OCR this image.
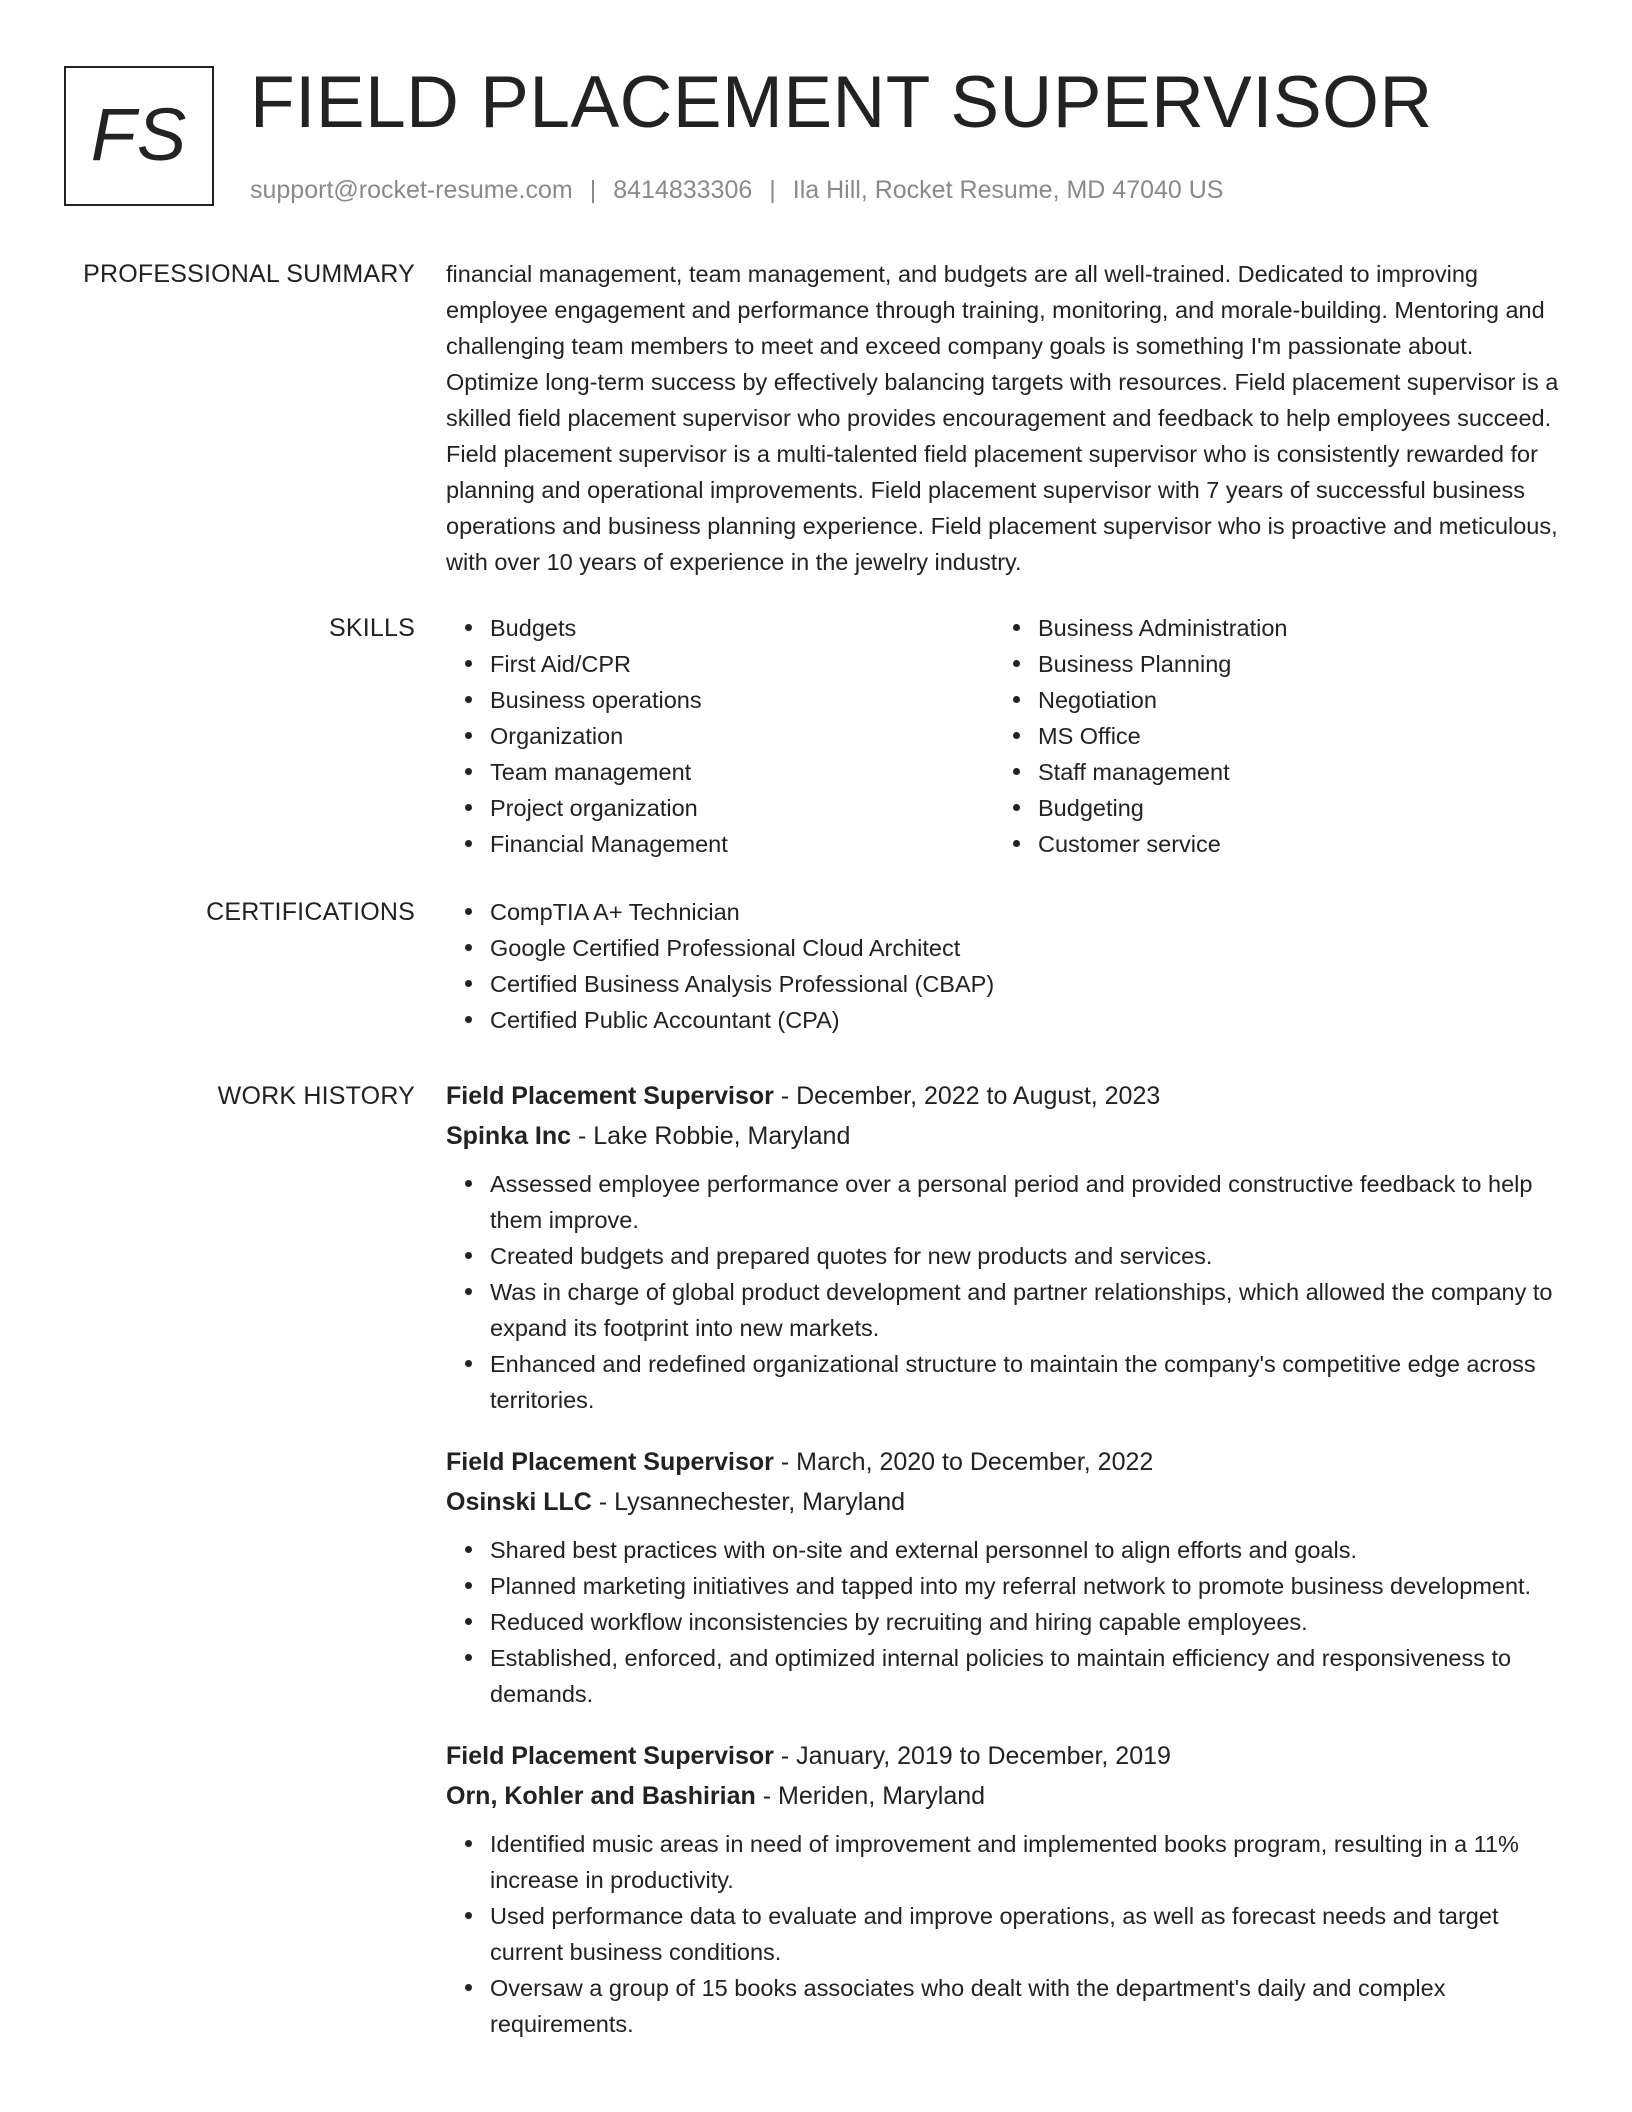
FS FIELD PLACEMENT SUPERVISOR
support@rocket-resume.com | 8414833306 | Ila Hill, Rocket Resume, MD 47040 US
PROFESSIONAL SUMMARY financial management, team management, and budgets are all well-trained. Dedicated to improving employee engagement and performance through training, monitoring, and morale-building. Mentoring and challenging team members to meet and exceed company goals is something I'm passionate about. Optimize long-term success by effectively balancing targets with resources. Field placement supervisor is a skilled field placement supervisor who provides encouragement and feedback to help employees succeed. Field placement supervisor is a multi-talented field placement supervisor who is consistently rewarded for planning and operational improvements. Field placement supervisor with 7 years of successful business operations and business planning experience. Field placement supervisor who is proactive and meticulous, with over 10 years of experience in the jewelry industry.

SKILLS	Budgets
First Aid/CPR
Business operations
Organization
Team management
Project organization
Financial Management
Business Administration
Business Planning
Negotiation
MS Office
Staff management
Budgeting
Customer service
CERTIFICATIONS	CompTIA A+ Technician
Google Certified Professional Cloud Architect
Certified Business Analysis Professional (CBAP)
Certified Public Accountant (CPA)
WORK HISTORY Field Placement Supervisor - December, 2022 to August, 2023
Spinka Inc - Lake Robbie, Maryland
Assessed employee performance over a personal period and provided constructive feedback to help them improve.
Created budgets and prepared quotes for new products and services.
Was in charge of global product development and partner relationships, which allowed the company to expand its footprint into new markets.
Enhanced and redefined organizational structure to maintain the company's competitive edge across territories.
Field Placement Supervisor - March, 2020 to December, 2022
Osinski LLC - Lysannechester, Maryland
Shared best practices with on-site and external personnel to align efforts and goals.
Planned marketing initiatives and tapped into my referral network to promote business development.
Reduced workflow inconsistencies by recruiting and hiring capable employees.
Established, enforced, and optimized internal policies to maintain efficiency and responsiveness to demands.
Field Placement Supervisor - January, 2019 to December, 2019
Orn, Kohler and Bashirian - Meriden, Maryland
Identified music areas in need of improvement and implemented books program, resulting in a 11% increase in productivity.
Used performance data to evaluate and improve operations, as well as forecast needs and target current business conditions.
Oversaw a group of 15 books associates who dealt with the department's daily and complex requirements.
